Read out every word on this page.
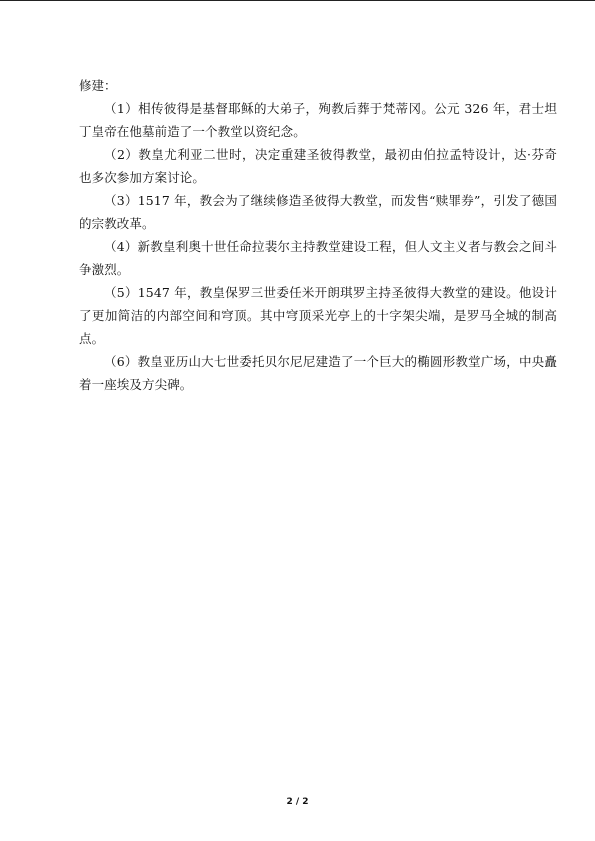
修建：

（1）相传彼得是基督耶稣的大弟子，殉教后葬于梵蒂冈。公元 326 年，君士坦丁皇帝在他墓前造了一个教堂以资纪念。

（2）教皇尤利亚二世时，决定重建圣彼得教堂，最初由伯拉孟特设计，达·芬奇也多次参加方案讨论。

（3）1517 年，教会为了继续修造圣彼得大教堂，而发售“赎罪券”，引发了德国的宗教改革。

（4）新教皇利奥十世任命拉裴尔主持教堂建设工程，但人文主义者与教会之间斗争激烈。

（5）1547 年，教皇保罗三世委任米开朗琪罗主持圣彼得大教堂的建设。他设计了更加简洁的内部空间和穹顶。其中穹顶采光亭上的十字架尖端，是罗马全城的制高点。

（6）教皇亚历山大七世委托贝尔尼尼建造了一个巨大的椭圆形教堂广场，中央矗着一座埃及方尖碑。

2 / 2
